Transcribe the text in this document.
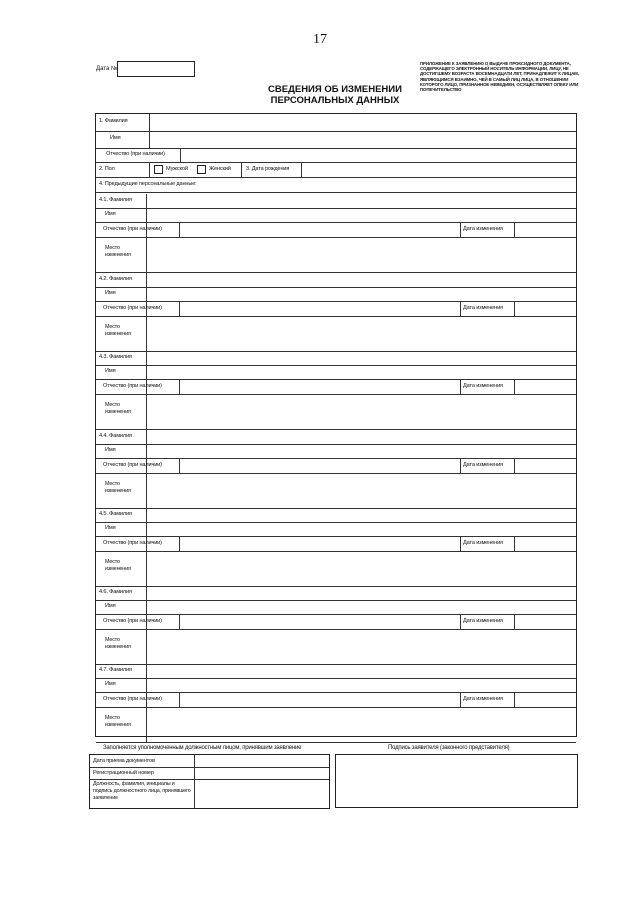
17
Дата №
СВЕДЕНИЯ ОБ ИЗМЕНЕНИИ
ПЕРСОНАЛЬНЫХ ДАННЫХ
ПРИЛОЖЕНИЕ К ЗАЯВЛЕНИЮ О ВЫДАЧЕ ПРОКСИДНОГО ДОКУМЕНТА, СОДЕРЖАЩЕГО ЭЛЕКТРОННЫЙ НОСИТЕЛЬ ИНФОРМАЦИИ, ЛИЦУ, НЕ ДОСТИГШЕМУ ВОЗРАСТА ВОСЕМНАДЦАТИ ЛЕТ, ПРИНАДЛЕЖИТ К ЛИЦАМ, ЯВЛЯЮЩИМСЯ ВЗАИМНО, ЧЕЙ В САМЫЙ ЛИЦ ЛИЦА, В ОТНОШЕНИИ КОТОРОГО ЛИЦО, ПРИЗНАННОЕ НЕВЕДИЕН, ОСУЩЕСТВЛЯЕТ ОПЕКУ ИЛИ ПОПЕЧИТЕЛЬСТВО
1. Фамилия
Имя
Отчество (при наличии)
2. Пол	Мужской	Женский	3. Дата рождения
4. Предыдущие персональные данные:
4.1. Фамилия
Имя
Отчество (при наличии)	Дата изменения
Место
изменения
4.2. Фамилия
Имя
Отчество (при наличии)	Дата изменения
Место
изменения
4.3. Фамилия
Имя
Отчество (при наличии)	Дата изменения
Место
изменения
4.4. Фамилия
Имя
Отчество (при наличии)	Дата изменения
Место
изменения
4.5. Фамилия
Имя
Отчество (при наличии)	Дата изменения
Место
изменения
4.6. Фамилия
Имя
Отчество (при наличии)	Дата изменения
Место
изменения
4.7. Фамилия
Имя
Отчество (при наличии)	Дата изменения
Место
изменения
Заполняется уполномоченным должностным лицом, принявшим заявление	Подпись заявителя (законного представителя)
Дата приема документов
Регистрационный номер
Должность, фамилия, инициалы и подпись должностного лица, принявшего заявление
